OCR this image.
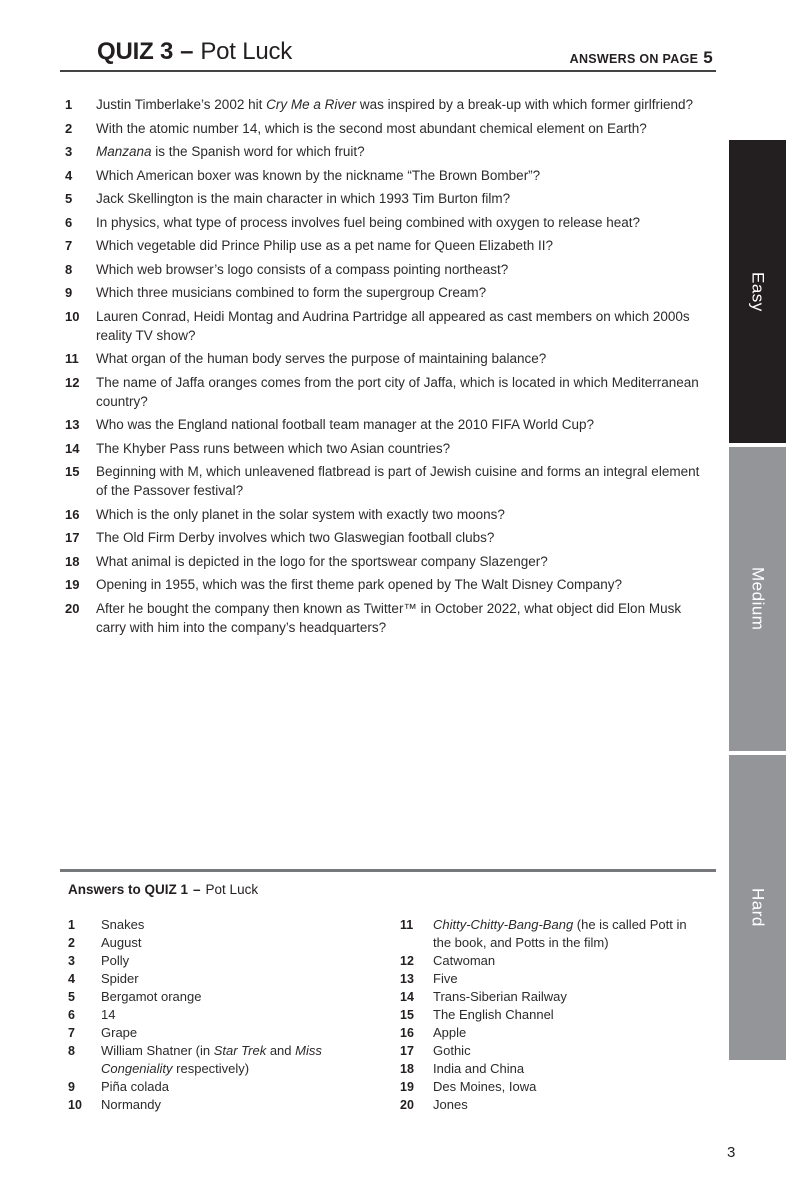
QUIZ 3 – Pot Luck	ANSWERS ON PAGE 5
1	Justin Timberlake’s 2002 hit Cry Me a River was inspired by a break-up with which former girlfriend?
2	With the atomic number 14, which is the second most abundant chemical element on Earth?
3	Manzana is the Spanish word for which fruit?
4	Which American boxer was known by the nickname “The Brown Bomber”?
5	Jack Skellington is the main character in which 1993 Tim Burton film?
6	In physics, what type of process involves fuel being combined with oxygen to release heat?
7	Which vegetable did Prince Philip use as a pet name for Queen Elizabeth II?
8	Which web browser’s logo consists of a compass pointing northeast?
9	Which three musicians combined to form the supergroup Cream?
10	Lauren Conrad, Heidi Montag and Audrina Partridge all appeared as cast members on which 2000s reality TV show?
11	What organ of the human body serves the purpose of maintaining balance?
12	The name of Jaffa oranges comes from the port city of Jaffa, which is located in which Mediterranean country?
13	Who was the England national football team manager at the 2010 FIFA World Cup?
14	The Khyber Pass runs between which two Asian countries?
15	Beginning with M, which unleavened flatbread is part of Jewish cuisine and forms an integral element of the Passover festival?
16	Which is the only planet in the solar system with exactly two moons?
17	The Old Firm Derby involves which two Glaswegian football clubs?
18	What animal is depicted in the logo for the sportswear company Slazenger?
19	Opening in 1955, which was the first theme park opened by The Walt Disney Company?
20	After he bought the company then known as Twitter™ in October 2022, what object did Elon Musk carry with him into the company’s headquarters?
Easy
Medium
Hard
Answers to QUIZ 1 – Pot Luck
1	Snakes
2	August
3	Polly
4	Spider
5	Bergamot orange
6	14
7	Grape
8	William Shatner (in Star Trek and Miss Congeniality respectively)
9	Piña colada
10	Normandy
11	Chitty-Chitty-Bang-Bang (he is called Pott in the book, and Potts in the film)
12	Catwoman
13	Five
14	Trans-Siberian Railway
15	The English Channel
16	Apple
17	Gothic
18	India and China
19	Des Moines, Iowa
20	Jones
3
